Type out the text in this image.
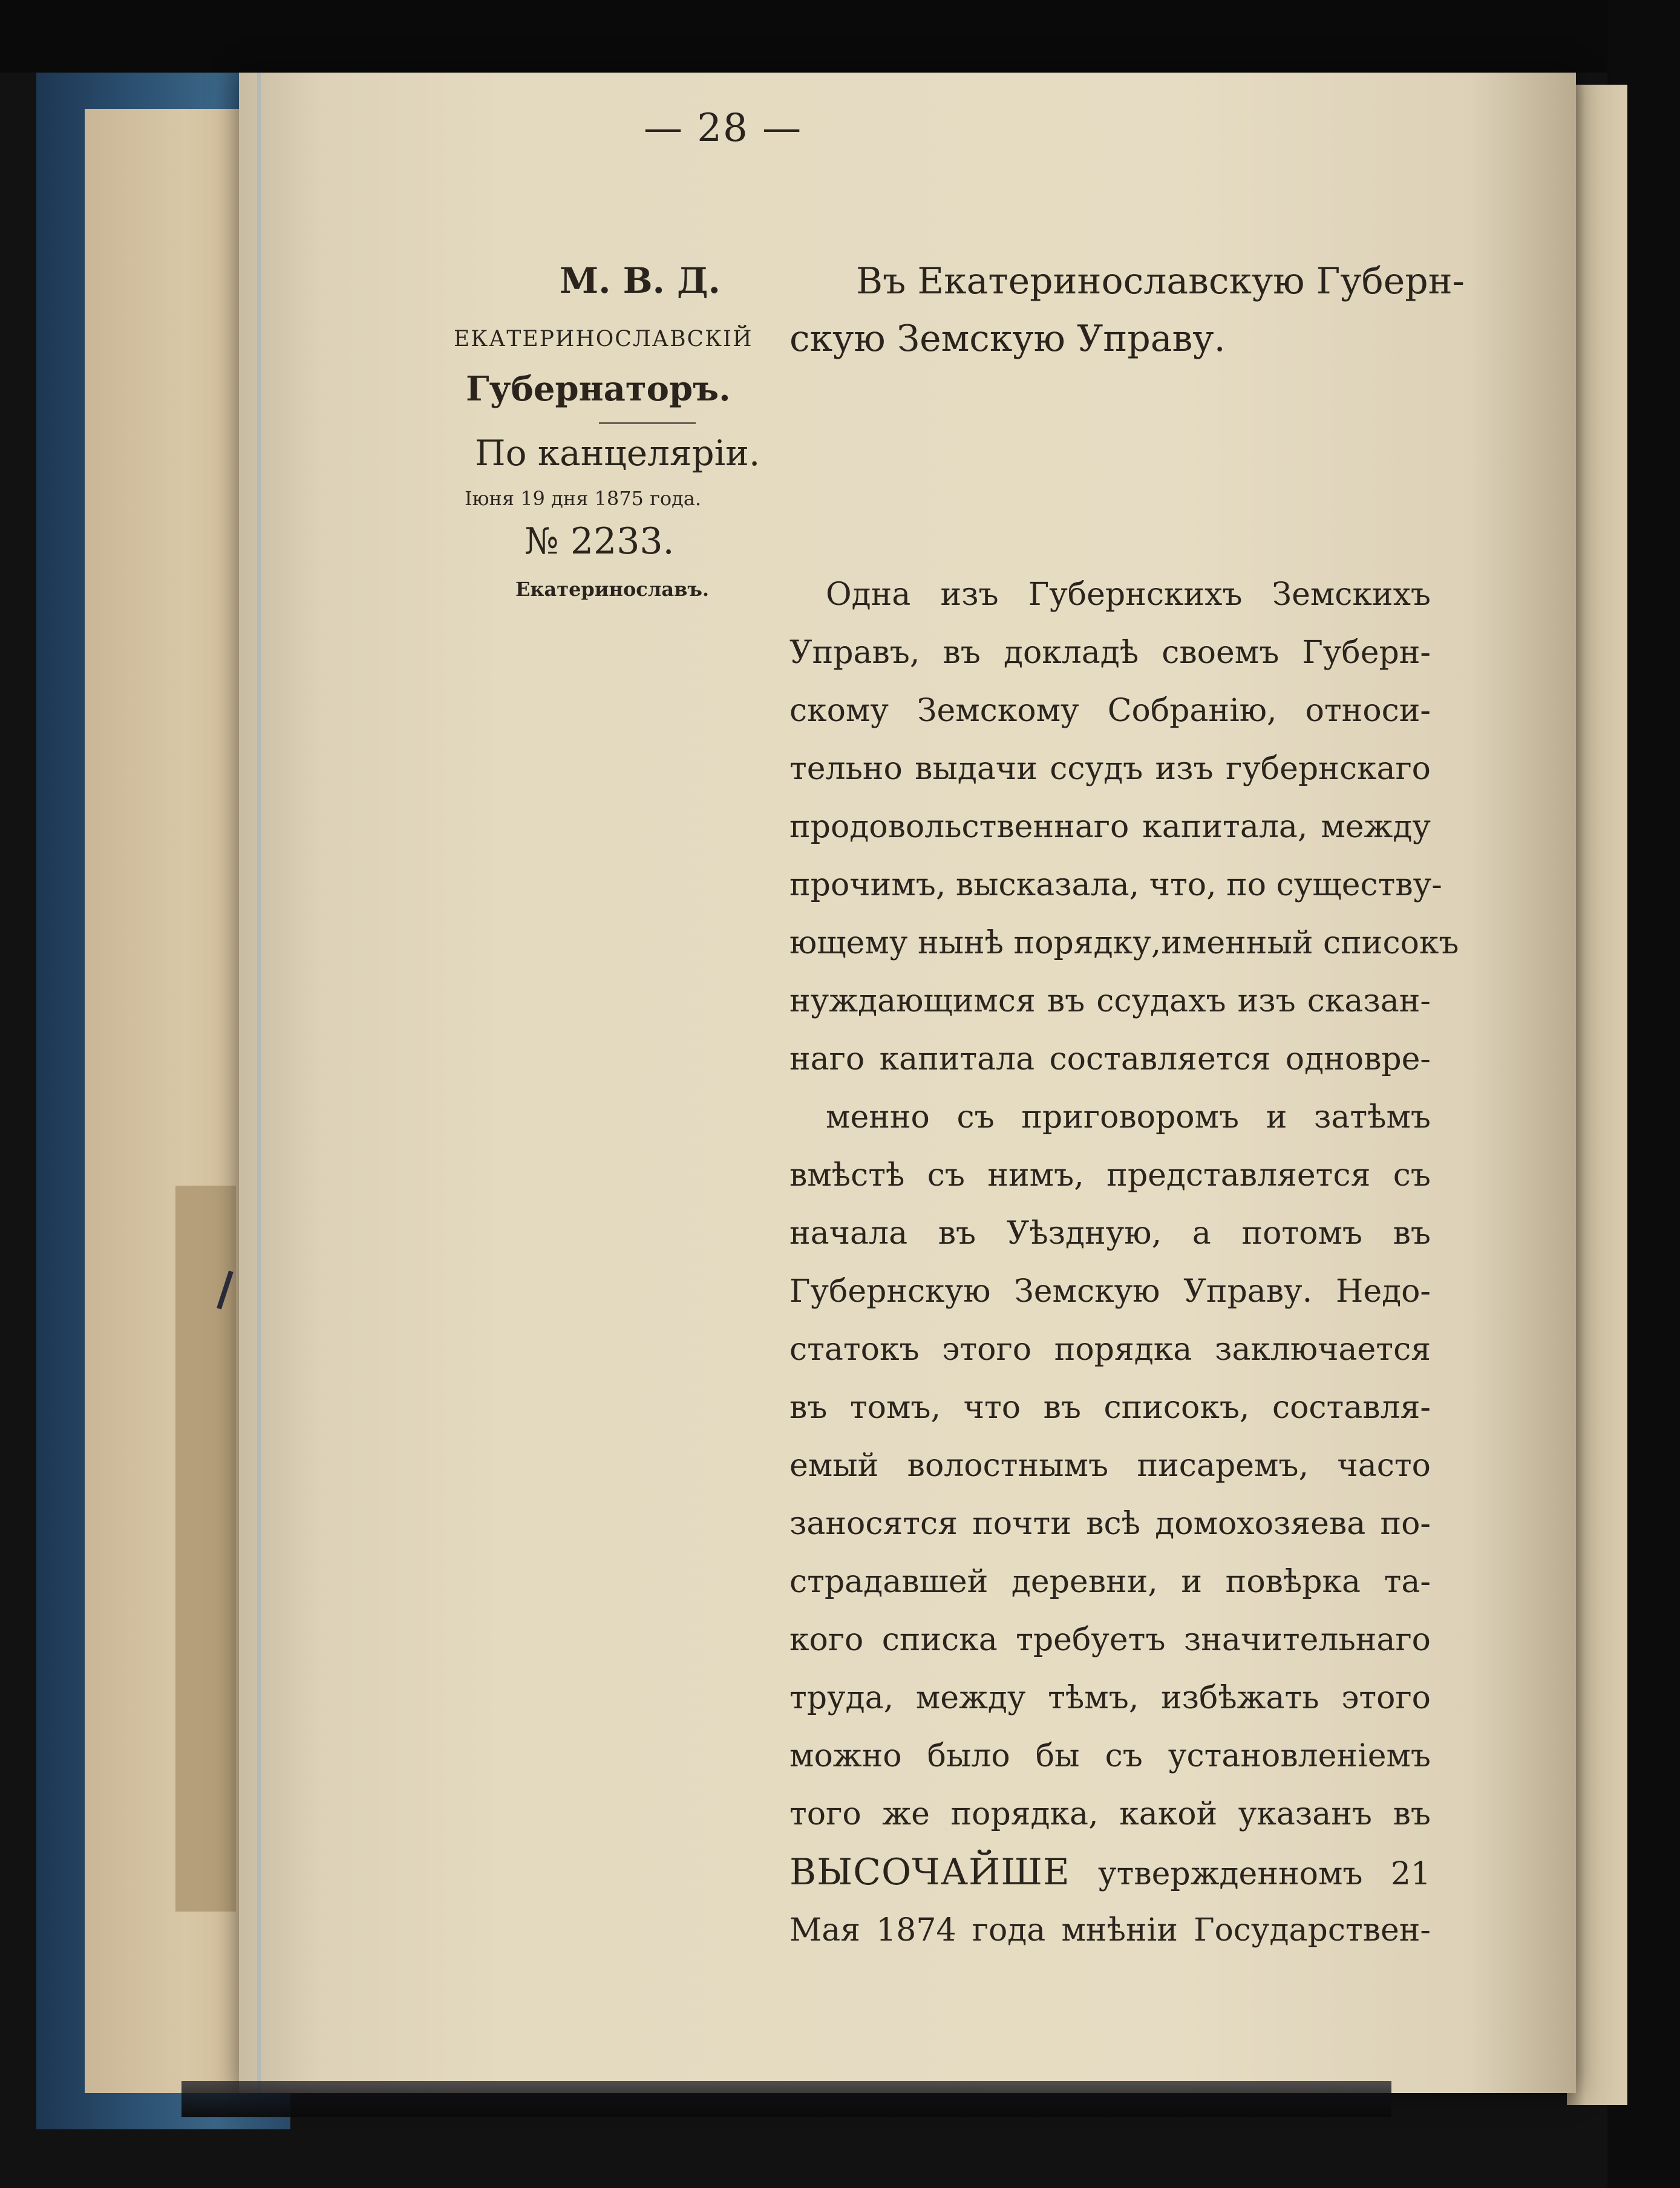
— 28 —
М. В. Д.
екатеринославскій
Губернаторъ.
По канцеляріи.
Іюня 19 дня 1875 года.
№ 2233.
Екатеринославъ.
Въ Екатеринославскую Губерн-
скую Земскую Управу.
Одна изъ Губернскихъ Земскихъ
Управъ, въ докладѣ своемъ Губерн-
скому Земскому Собранію, относи-
тельно выдачи ссудъ изъ губернскаго
продовольственнаго капитала, между
прочимъ, высказала, что, по существу-
ющему нынѣ порядку,именный списокъ
нуждающимся въ ссудахъ изъ сказан-
наго капитала составляется одновре-
менно съ приговоромъ и затѣмъ
вмѣстѣ съ нимъ, представляется съ
начала въ Уѣздную, а потомъ въ
Губернскую Земскую Управу. Недо-
статокъ этого порядка заключается
въ томъ, что въ списокъ, составля-
емый волостнымъ писаремъ, часто
заносятся почти всѣ домохозяева по-
страдавшей деревни, и повѣрка та-
кого списка требуетъ значительнаго
труда, между тѣмъ, избѣжать этого
можно было бы съ установленіемъ
того же порядка, какой указанъ въ
ВЫСОЧАЙШЕ утвержденномъ 21
Мая 1874 года мнѣніи Государствен-
